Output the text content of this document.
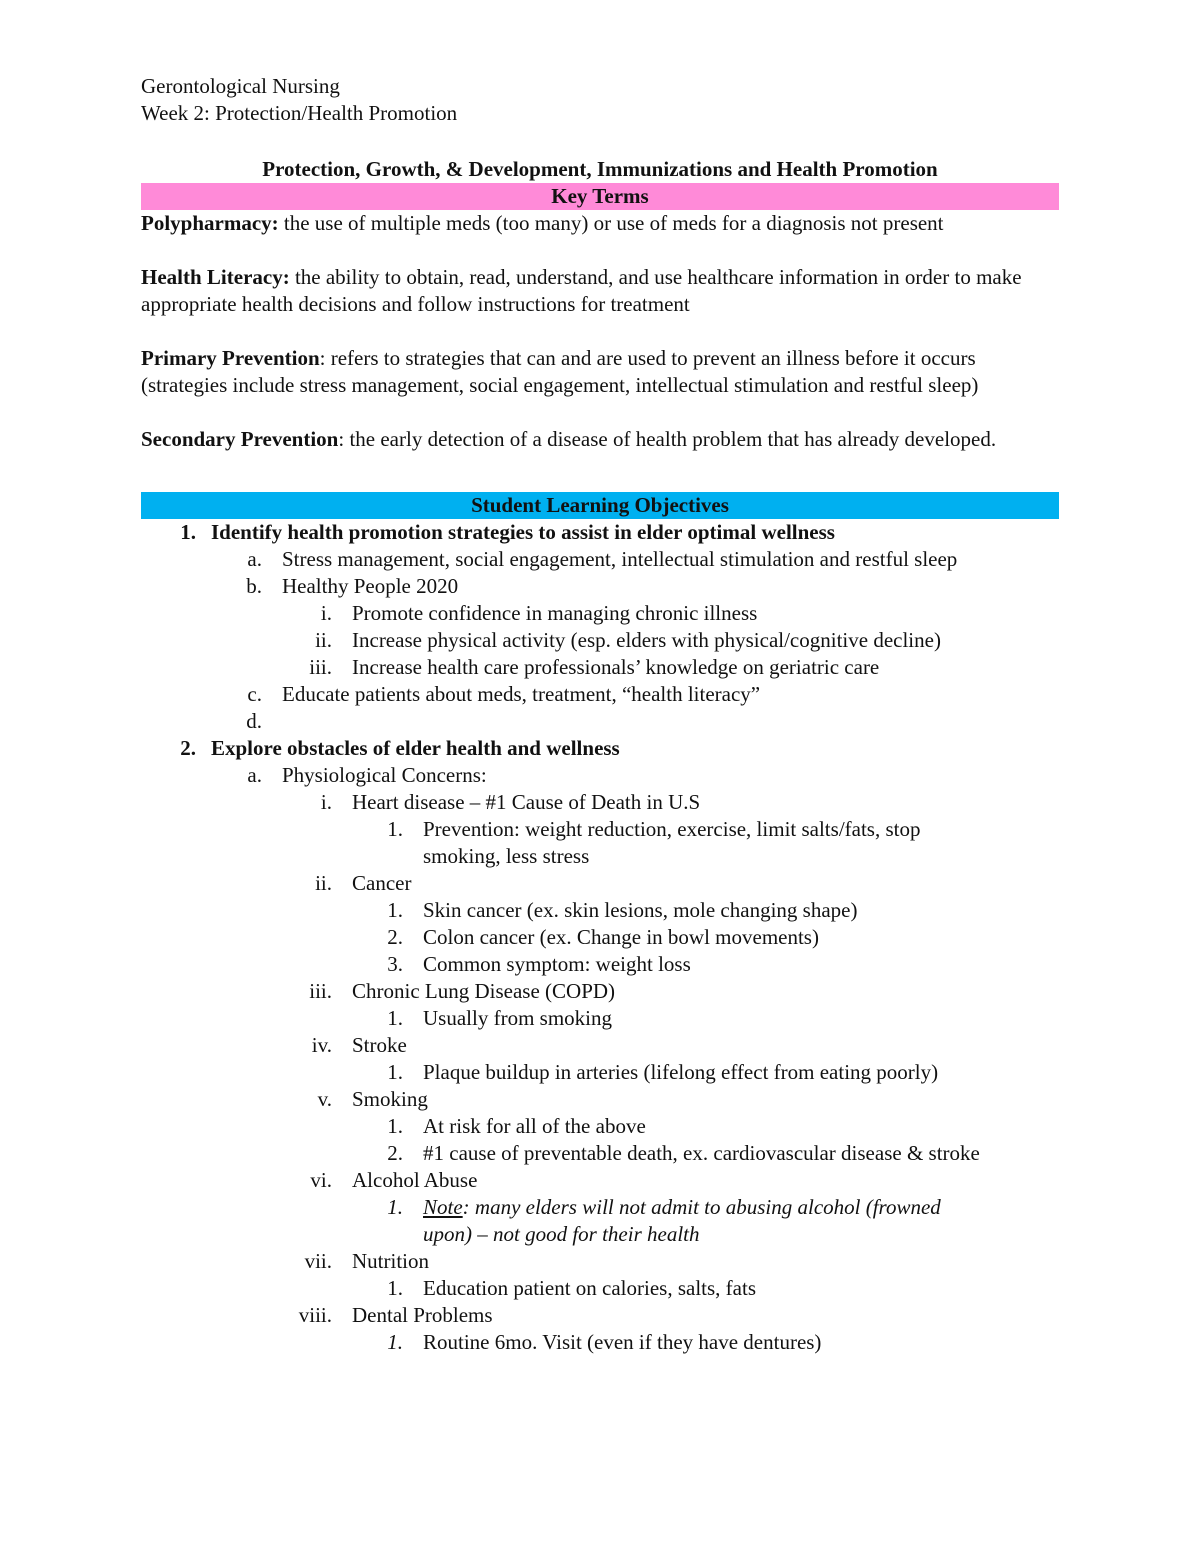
Gerontological Nursing
Week 2: Protection/Health Promotion
Protection, Growth, & Development, Immunizations and Health Promotion
Key Terms
Polypharmacy: the use of multiple meds (too many) or use of meds for a diagnosis not present
Health Literacy: the ability to obtain, read, understand, and use healthcare information in order to make appropriate health decisions and follow instructions for treatment
Primary Prevention: refers to strategies that can and are used to prevent an illness before it occurs (strategies include stress management, social engagement, intellectual stimulation and restful sleep)
Secondary Prevention: the early detection of a disease of health problem that has already developed.
Student Learning Objectives
1. Identify health promotion strategies to assist in elder optimal wellness
a. Stress management, social engagement, intellectual stimulation and restful sleep
b. Healthy People 2020
i. Promote confidence in managing chronic illness
ii. Increase physical activity (esp. elders with physical/cognitive decline)
iii. Increase health care professionals’ knowledge on geriatric care
c. Educate patients about meds, treatment, “health literacy”
d.
2. Explore obstacles of elder health and wellness
a. Physiological Concerns:
i. Heart disease – #1 Cause of Death in U.S
1. Prevention: weight reduction, exercise, limit salts/fats, stop smoking, less stress
ii. Cancer
1. Skin cancer (ex. skin lesions, mole changing shape)
2. Colon cancer (ex. Change in bowl movements)
3. Common symptom: weight loss
iii. Chronic Lung Disease (COPD)
1. Usually from smoking
iv. Stroke
1. Plaque buildup in arteries (lifelong effect from eating poorly)
v. Smoking
1. At risk for all of the above
2. #1 cause of preventable death, ex. cardiovascular disease & stroke
vi. Alcohol Abuse
1. Note: many elders will not admit to abusing alcohol (frowned upon) – not good for their health
vii. Nutrition
1. Education patient on calories, salts, fats
viii. Dental Problems
1. Routine 6mo. Visit (even if they have dentures)
